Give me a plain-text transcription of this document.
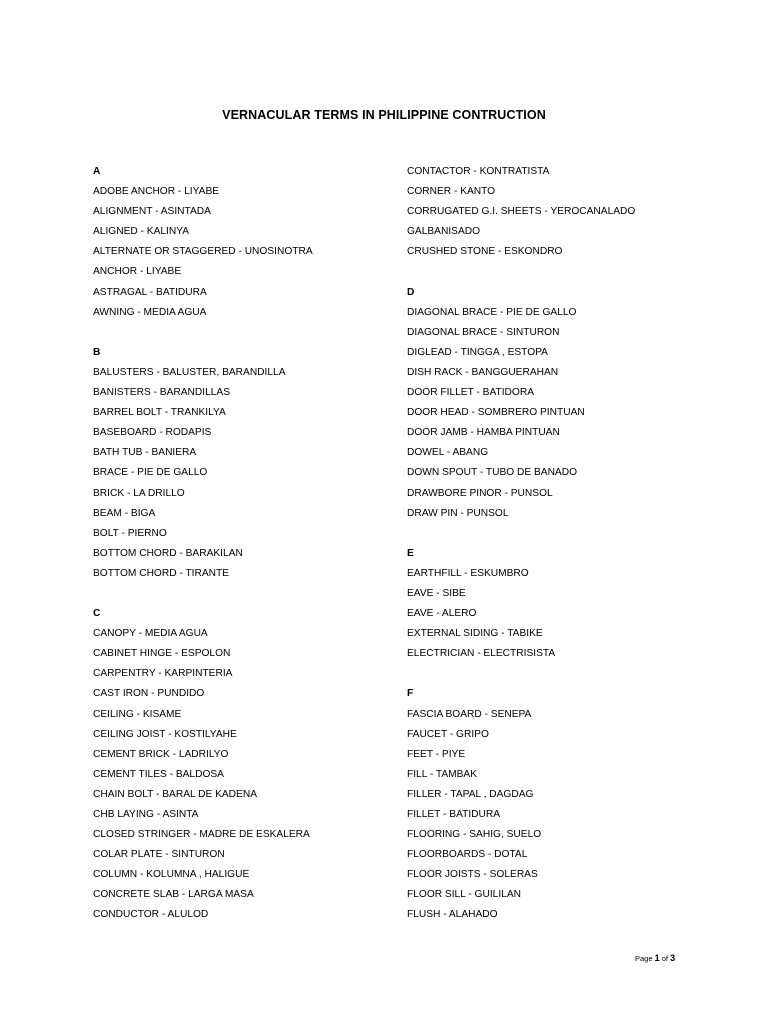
VERNACULAR TERMS IN PHILIPPINE CONTRUCTION
A
ADOBE ANCHOR - LIYABE
ALIGNMENT - ASINTADA
ALIGNED - KALINYA
ALTERNATE OR STAGGERED - UNOSINOTRA
ANCHOR - LIYABE
ASTRAGAL - BATIDURA
AWNING - MEDIA AGUA
B
BALUSTERS - BALUSTER, BARANDILLA
BANISTERS - BARANDILLAS
BARREL BOLT - TRANKILYA
BASEBOARD - RODAPIS
BATH TUB - BANIERA
BRACE - PIE DE GALLO
BRICK - LA DRILLO
BEAM - BIGA
BOLT - PIERNO
BOTTOM CHORD - BARAKILAN
BOTTOM CHORD - TIRANTE
C
CANOPY - MEDIA AGUA
CABINET HINGE - ESPOLON
CARPENTRY - KARPINTERIA
CAST IRON - PUNDIDO
CEILING - KISAME
CEILING JOIST - KOSTILYAHE
CEMENT BRICK - LADRILYO
CEMENT TILES - BALDOSA
CHAIN BOLT - BARAL DE KADENA
CHB LAYING - ASINTA
CLOSED STRINGER - MADRE DE ESKALERA
COLAR PLATE - SINTURON
COLUMN - KOLUMNA , HALIGUE
CONCRETE SLAB - LARGA MASA
CONDUCTOR - ALULOD
CONTACTOR - KONTRATISTA
CORNER - KANTO
CORRUGATED G.I. SHEETS - YEROCANALADO
GALBANISADO
CRUSHED STONE - ESKONDRO
D
DIAGONAL BRACE - PIE DE GALLO
DIAGONAL BRACE - SINTURON
DIGLEAD - TINGGA , ESTOPA
DISH RACK - BANGGUERAHAN
DOOR FILLET - BATIDORA
DOOR HEAD - SOMBRERO PINTUAN
DOOR JAMB - HAMBA PINTUAN
DOWEL - ABANG
DOWN SPOUT - TUBO DE BANADO
DRAWBORE PINOR - PUNSOL
DRAW PIN - PUNSOL
E
EARTHFILL - ESKUMBRO
EAVE - SIBE
EAVE - ALERO
EXTERNAL SIDING - TABIKE
ELECTRICIAN - ELECTRISISTA
F
FASCIA BOARD - SENEPA
FAUCET - GRIPO
FEET - PIYE
FILL - TAMBAK
FILLER - TAPAL , DAGDAG
FILLET - BATIDURA
FLOORING - SAHIG, SUELO
FLOORBOARDS - DOTAL
FLOOR JOISTS - SOLERAS
FLOOR SILL - GUILILAN
FLUSH - ALAHADO
Page 1 of 3
